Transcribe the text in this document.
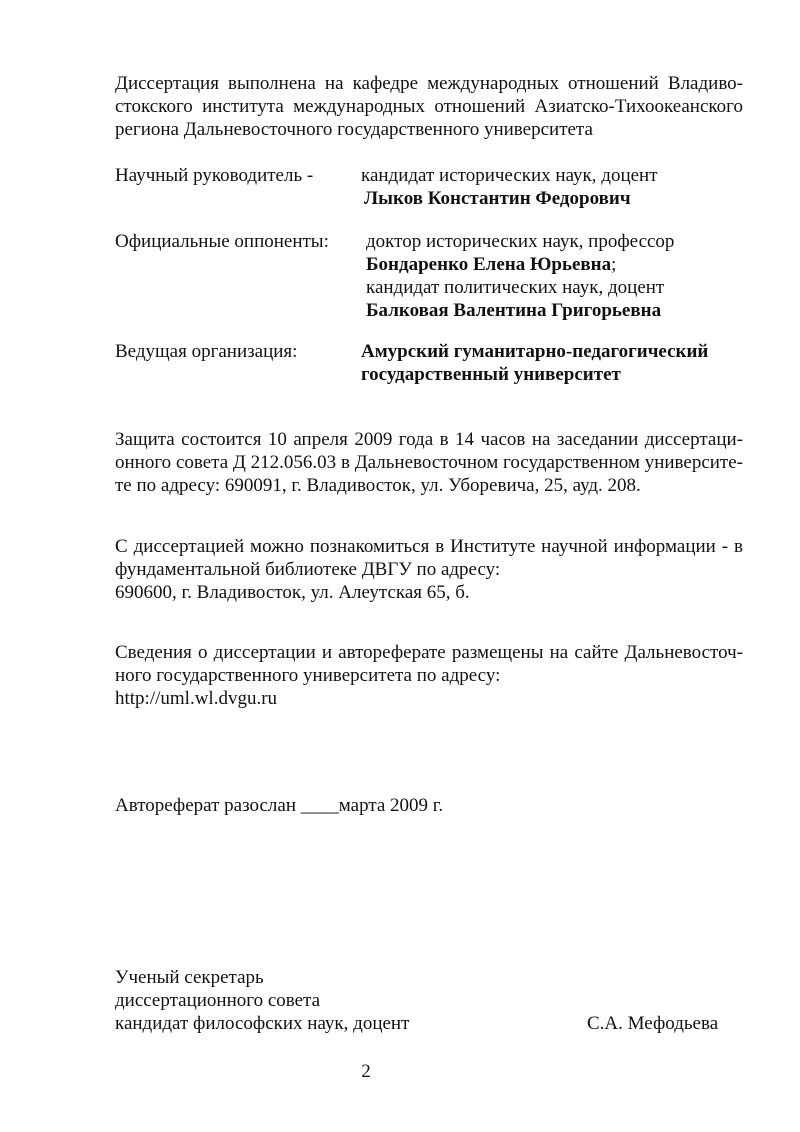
Диссертация выполнена на кафедре международных отношений Владиво-
стокского института международных отношений Азиатско-Тихоокеанского
региона Дальневосточного государственного университета
Научный руководитель -	кандидат исторических наук, доцент
Лыков Константин Федорович
Официальные оппоненты: доктор исторических наук, профессор
Бондаренко Елена Юрьевна;
кандидат политических наук, доцент
Балковая Валентина Григорьевна
Ведущая организация:	Амурский гуманитарно-педагогический
государственный университет
Защита состоится 10 апреля 2009 года в 14 часов на заседании диссертаци-
онного совета Д 212.056.03 в Дальневосточном государственном университе-
те по адресу: 690091, г. Владивосток, ул. Уборевича, 25, ауд. 208.
С диссертацией можно познакомиться в Институте научной информации - в
фундаментальной библиотеке ДВГУ по адресу:
690600, г. Владивосток, ул. Алеутская 65, б.
Сведения о диссертации и автореферате размещены на сайте Дальневосточ-
ного государственного университета по адресу:
http://uml.wl.dvgu.ru
Автореферат разослан ____марта 2009 г.
Ученый секретарь
диссертационного совета
кандидат философских наук, доцент	С.А. Мефодьева
2
